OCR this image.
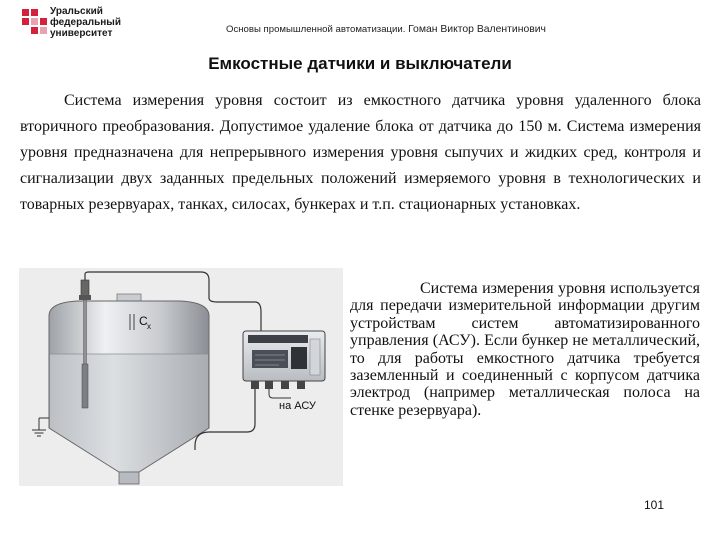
Уральский
федеральный
университет	Основы промышленной автоматизации. Гоман Виктор Валентинович
Емкостные датчики и выключатели

Система измерения уровня состоит из емкостного датчика уровня удаленного блока вторичного преобразования. Допустимое удаление блока от датчика до 150 м. Система измерения уровня предназначена для непрерывного измерения уровня сыпучих и жидких сред, контроля и сигнализации двух заданных предельных положений измеряемого уровня в технологических и товарных резервуарах, танках, силосах, бункерах и т.п. стационарных установках.

C x
на АСУ

Система измерения уровня используется для передачи измерительной информации другим устройствам систем автоматизированного управления (АСУ). Если бункер не металлический, то для работы емкостного датчика требуется заземленный и соединенный с корпусом датчика электрод (например металлическая полоса на стенке резервуара).

101
